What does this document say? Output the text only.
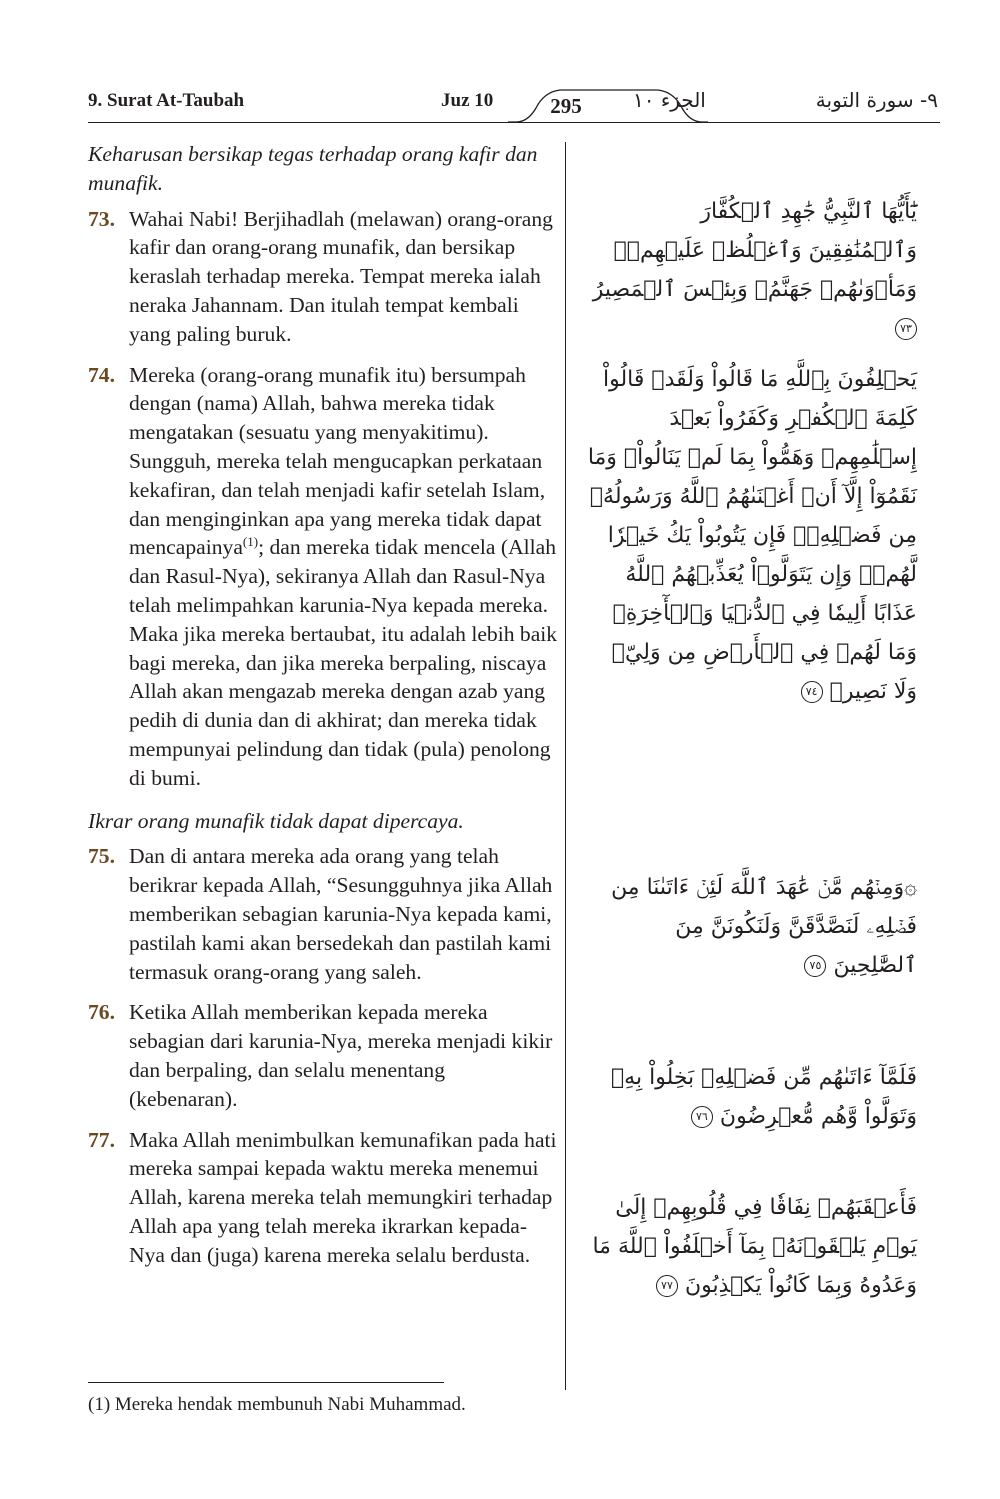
9. Surat At-Taubah	Juz 10	295	الجزء ١٠	٩- سورة التوبة

Keharusan bersikap tegas terhadap orang kafir dan munafik.

73. Wahai Nabi! Berjihadlah (melawan) orang-orang kafir dan orang-orang munafik, dan bersikap keraslah terhadap mereka. Tempat mereka ialah neraka Jahannam. Dan itulah tempat kembali yang paling buruk.
74. Mereka (orang-orang munafik itu) bersumpah dengan (nama) Allah, bahwa mereka tidak mengatakan (sesuatu yang menyakitimu). Sungguh, mereka telah mengucapkan perkataan kekafiran, dan telah menjadi kafir setelah Islam, dan menginginkan apa yang mereka tidak dapat mencapainya$^{(1)}$; dan mereka tidak mencela (Allah dan Rasul-Nya), sekiranya Allah dan Rasul-Nya telah melimpahkan karunia-Nya kepada mereka. Maka jika mereka bertaubat, itu adalah lebih baik bagi mereka, dan jika mereka berpaling, niscaya Allah akan mengazab mereka dengan azab yang pedih di dunia dan di akhirat; dan mereka tidak mempunyai pelindung dan tidak (pula) penolong di bumi.

Ikrar orang munafik tidak dapat dipercaya.

75. Dan di antara mereka ada orang yang telah berikrar kepada Allah, “Sesungguhnya jika Allah memberikan sebagian karunia-Nya kepada kami, pastilah kami akan bersedekah dan pastilah kami termasuk orang-orang yang saleh.
76. Ketika Allah memberikan kepada mereka sebagian dari karunia-Nya, mereka menjadi kikir dan berpaling, dan selalu menentang (kebenaran).
77. Maka Allah menimbulkan kemunafikan pada hati mereka sampai kepada waktu mereka menemui Allah, karena mereka telah memungkiri terhadap Allah apa yang telah mereka ikrarkan kepada-Nya dan (juga) karena mereka selalu berdusta.
يَٰٓأَيُّهَا ٱلنَّبِيُّ جَٰهِدِ ٱلۡكُفَّارَ وَٱلۡمُنَٰفِقِينَ وَٱغۡلُظۡ عَلَيۡهِمۡۚ وَمَأۡوَىٰهُمۡ جَهَنَّمُۖ وَبِئۡسَ ٱلۡمَصِيرُ ٧٣
يَحۡلِفُونَ بِٱللَّهِ مَا قَالُواْ وَلَقَدۡ قَالُواْ كَلِمَةَ ٱلۡكُفۡرِ وَكَفَرُواْ بَعۡدَ إِسۡلَٰمِهِمۡ وَهَمُّواْ بِمَا لَمۡ يَنَالُواْۚ وَمَا نَقَمُوٓاْ إِلَّآ أَنۡ أَغۡنَىٰهُمُ ٱللَّهُ وَرَسُولُهُۥ مِن فَضۡلِهِۦۚ فَإِن يَتُوبُواْ يَكُ خَيۡرٗا لَّهُمۡۖ وَإِن يَتَوَلَّوۡاْ يُعَذِّبۡهُمُ ٱللَّهُ عَذَابًا أَلِيمٗا فِي ٱلدُّنۡيَا وَٱلۡأٓخِرَةِۚ وَمَا لَهُمۡ فِي ٱلۡأَرۡضِ مِن وَلِيّٖ وَلَا نَصِيرٖ ٧٤
۞وَمِنۡهُم مَّنۡ عَٰهَدَ ٱللَّهَ لَئِنۡ ءَاتَىٰنَا مِن فَضۡلِهِۦ لَنَصَّدَّقَنَّ وَلَنَكُونَنَّ مِنَ ٱلصَّٰلِحِينَ ٧٥
فَلَمَّآ ءَاتَىٰهُم مِّن فَضۡلِهِۦ بَخِلُواْ بِهِۦ وَتَوَلَّواْ وَّهُم مُّعۡرِضُونَ ٧٦
فَأَعۡقَبَهُمۡ نِفَاقٗا فِي قُلُوبِهِمۡ إِلَىٰ يَوۡمِ يَلۡقَوۡنَهُۥ بِمَآ أَخۡلَفُواْ ٱللَّهَ مَا وَعَدُوهُ وَبِمَا كَانُواْ يَكۡذِبُونَ ٧٧
(1) Mereka hendak membunuh Nabi Muhammad.
